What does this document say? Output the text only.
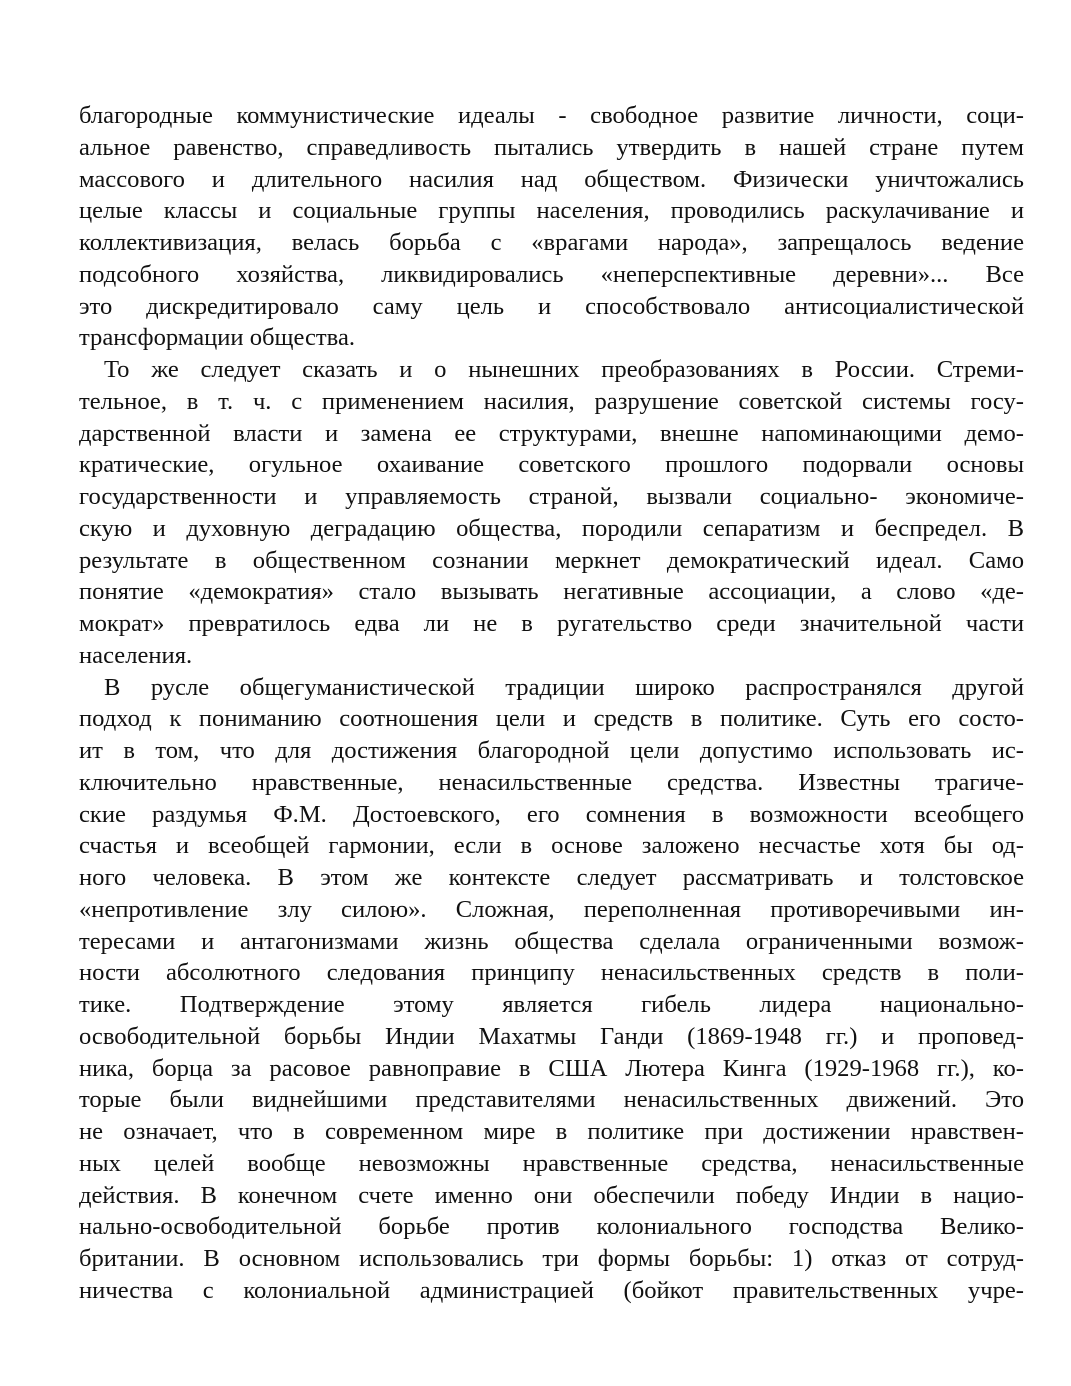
благородные коммунистические идеалы - свободное развитие личности, соци-
альное равенство, справедливость пытались утвердить в нашей стране путем
массового и длительного насилия над обществом. Физически уничтожались
целые классы и социальные группы населения, проводились раскулачивание и
коллективизация, велась борьба с «врагами народа», запрещалось ведение
подсобного хозяйства, ликвидировались «неперспективные деревни»... Все
это дискредитировало саму цель и способствовало антисоциалистической
трансформации общества.
То же следует сказать и о нынешних преобразованиях в России. Стреми-
тельное, в т. ч. с применением насилия, разрушение советской системы госу-
дарственной власти и замена ее структурами, внешне напоминающими демо-
кратические, огульное охаивание советского прошлого подорвали основы
государственности и управляемость страной, вызвали социально- экономиче-
скую и духовную деградацию общества, породили сепаратизм и беспредел. В
результате в общественном сознании меркнет демократический идеал. Само
понятие «демократия» стало вызывать негативные ассоциации, а слово «де-
мократ» превратилось едва ли не в ругательство среди значительной части
населения.
В русле общегуманистической традиции широко распространялся другой
подход к пониманию соотношения цели и средств в политике. Суть его состо-
ит в том, что для достижения благородной цели допустимо использовать ис-
ключительно нравственные, ненасильственные средства. Известны трагиче-
ские раздумья Ф.М. Достоевского, его сомнения в возможности всеобщего
счастья и всеобщей гармонии, если в основе заложено несчастье хотя бы од-
ного человека. В этом же контексте следует рассматривать и толстовское
«непротивление злу силою». Сложная, переполненная противоречивыми ин-
тересами и антагонизмами жизнь общества сделала ограниченными возмож-
ности абсолютного следования принципу ненасильственных средств в поли-
тике. Подтверждение этому является гибель лидера национально-
освободительной борьбы Индии Махатмы Ганди (1869-1948 гг.) и проповед-
ника, борца за расовое равноправие в США Лютера Кинга (1929-1968 гг.), ко-
торые были виднейшими представителями ненасильственных движений. Это
не означает, что в современном мире в политике при достижении нравствен-
ных целей вообще невозможны нравственные средства, ненасильственные
действия. В конечном счете именно они обеспечили победу Индии в нацио-
нально-освободительной борьбе против колониального господства Велико-
британии. В основном использовались три формы борьбы: 1) отказ от сотруд-
ничества с колониальной администрацией (бойкот правительственных учре-
